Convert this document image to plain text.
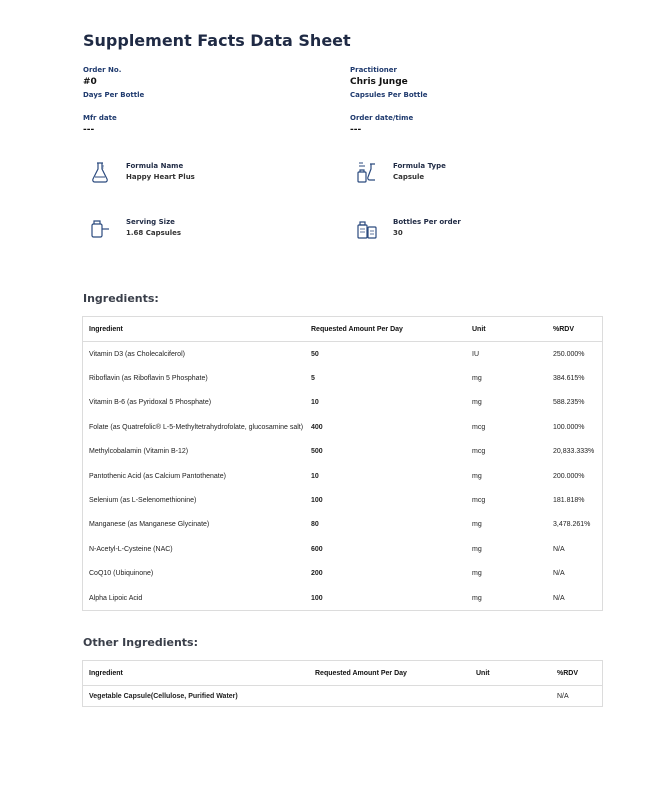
Supplement Facts Data Sheet
Order No.
#0
Days Per Bottle
Practitioner
Chris Junge
Capsules Per Bottle
Mfr date
---
Order date/time
---
Formula Name
Happy Heart Plus
Formula Type
Capsule
Serving Size
1.68 Capsules
Bottles Per order
30
Ingredients:
Ingredient	Requested Amount Per Day	Unit	%RDV
Vitamin D3 (as Cholecalciferol)	50	IU	250.000%
Riboflavin (as Riboflavin 5 Phosphate)	5	mg	384.615%
Vitamin B-6 (as Pyridoxal 5 Phosphate)	10	mg	588.235%
Folate (as Quatrefolic® L-5-Methyltetrahydrofolate, glucosamine salt)	400	mcg	100.000%
Methylcobalamin (Vitamin B-12)	500	mcg	20,833.333%
Pantothenic Acid (as Calcium Pantothenate)	10	mg	200.000%
Selenium (as L-Selenomethionine)	100	mcg	181.818%
Manganese (as Manganese Glycinate)	80	mg	3,478.261%
N-Acetyl-L-Cysteine (NAC)	600	mg	N/A
CoQ10 (Ubiquinone)	200	mg	N/A
Alpha Lipoic Acid	100	mg	N/A
Other Ingredients:
Ingredient	Requested Amount Per Day	Unit	%RDV
Vegetable Capsule(Cellulose, Purified Water)			N/A
